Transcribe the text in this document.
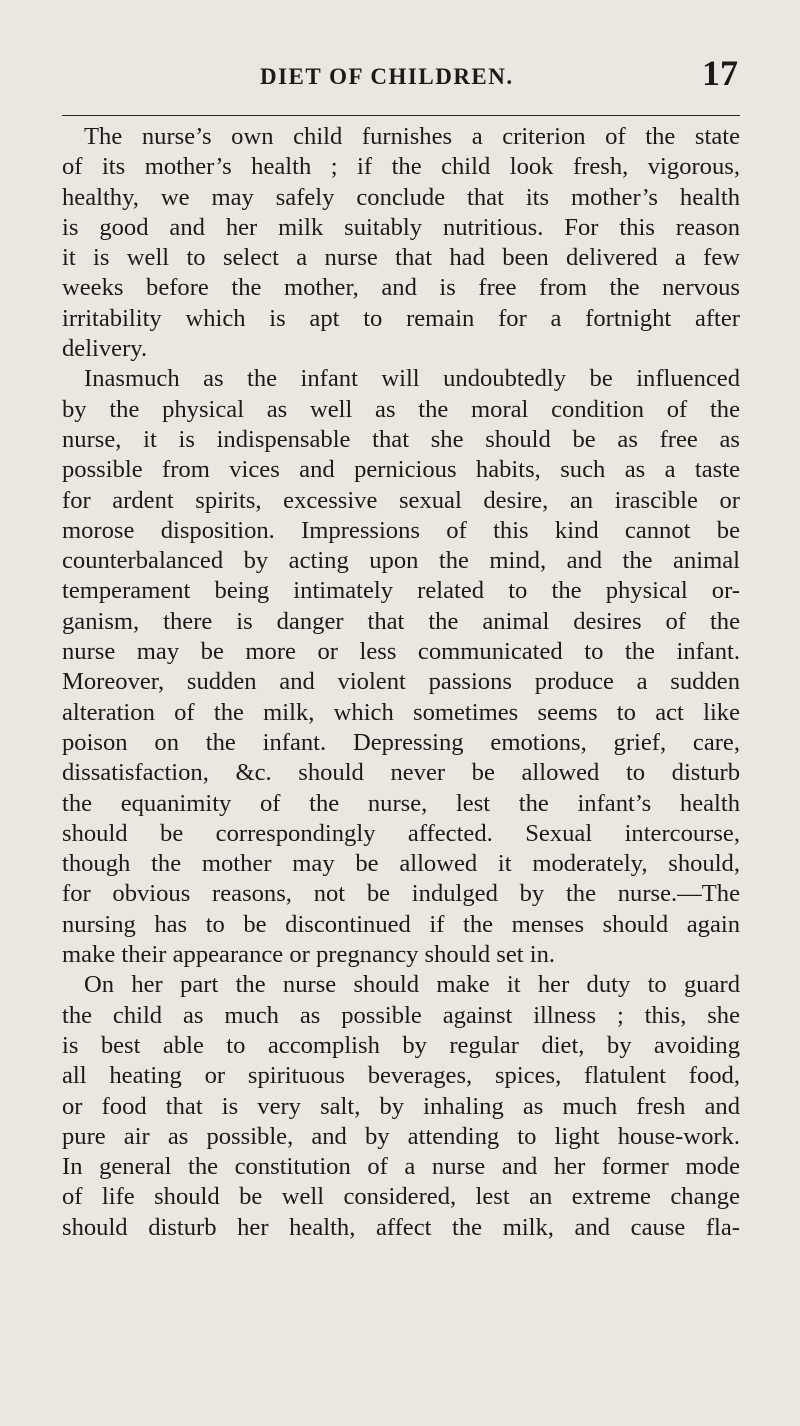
DIET OF CHILDREN.	17
The nurse’s own child furnishes a criterion of the state
of its mother’s health ; if the child look fresh, vigorous,
healthy, we may safely conclude that its mother’s health
is good and her milk suitably nutritious. For this reason
it is well to select a nurse that had been delivered a few
weeks before the mother, and is free from the nervous
irritability which is apt to remain for a fortnight after
delivery.
Inasmuch as the infant will undoubtedly be influenced
by the physical as well as the moral condition of the
nurse, it is indispensable that she should be as free as
possible from vices and pernicious habits, such as a taste
for ardent spirits, excessive sexual desire, an irascible or
morose disposition. Impressions of this kind cannot be
counterbalanced by acting upon the mind, and the animal
temperament being intimately related to the physical or-
ganism, there is danger that the animal desires of the
nurse may be more or less communicated to the infant.
Moreover, sudden and violent passions produce a sudden
alteration of the milk, which sometimes seems to act like
poison on the infant. Depressing emotions, grief, care,
dissatisfaction, &c. should never be allowed to disturb
the equanimity of the nurse, lest the infant’s health
should be correspondingly affected. Sexual intercourse,
though the mother may be allowed it moderately, should,
for obvious reasons, not be indulged by the nurse.—The
nursing has to be discontinued if the menses should again
make their appearance or pregnancy should set in.
On her part the nurse should make it her duty to guard
the child as much as possible against illness ; this, she
is best able to accomplish by regular diet, by avoiding
all heating or spirituous beverages, spices, flatulent food,
or food that is very salt, by inhaling as much fresh and
pure air as possible, and by attending to light house-work.
In general the constitution of a nurse and her former mode
of life should be well considered, lest an extreme change
should disturb her health, affect the milk, and cause fla-
